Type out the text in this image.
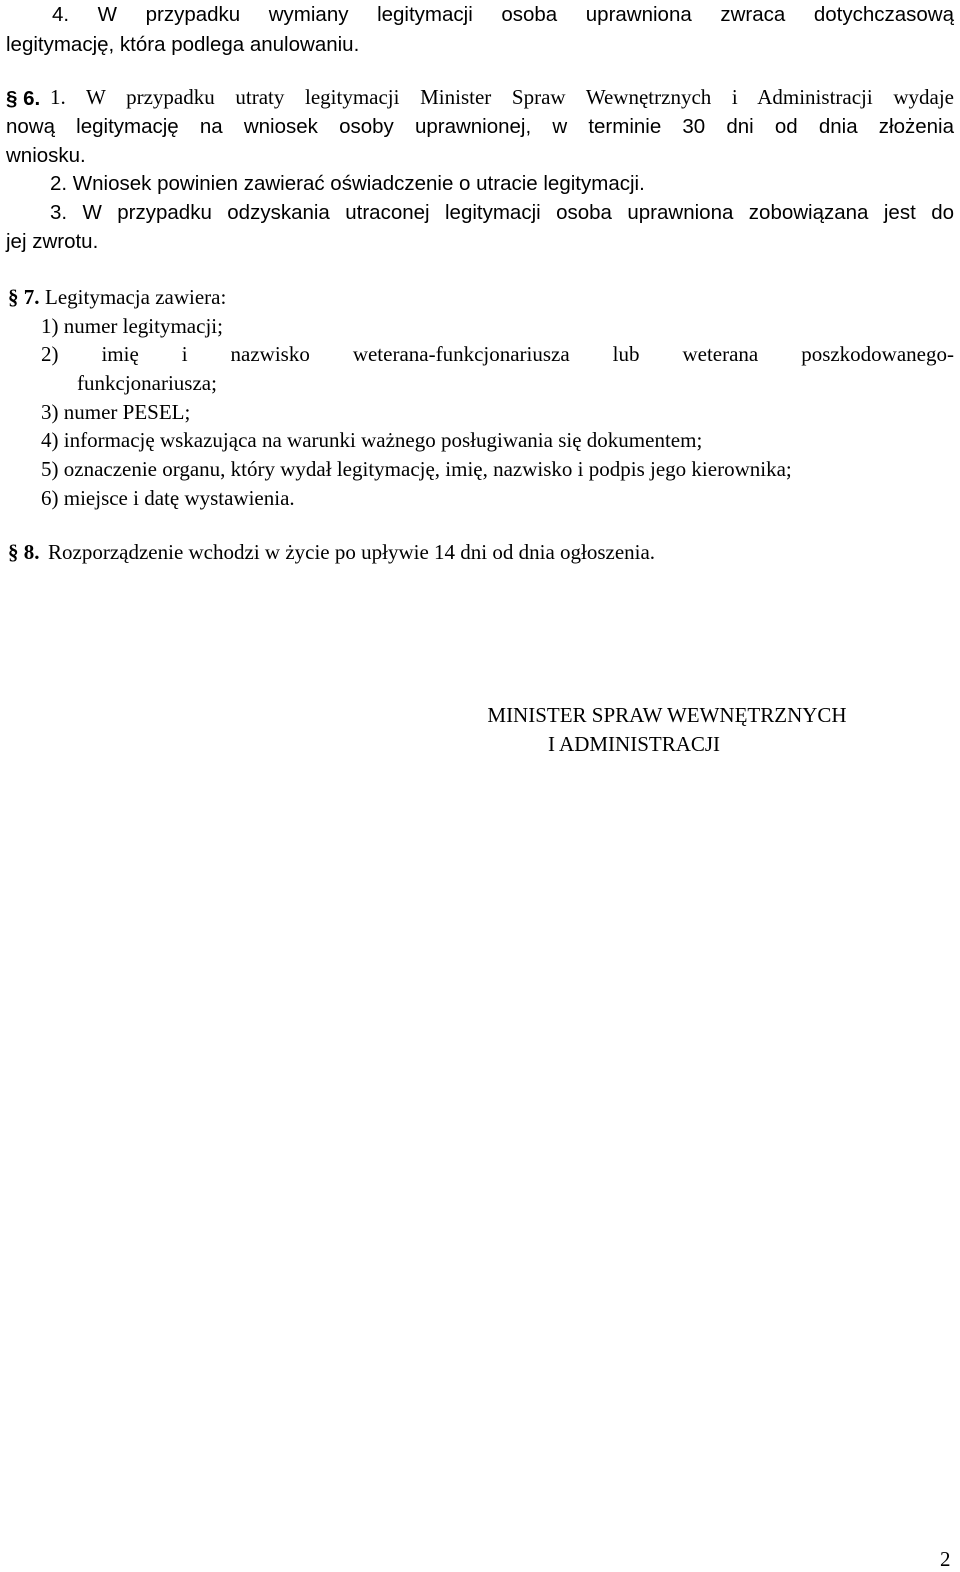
4. W przypadku wymiany legitymacji osoba uprawniona zwraca dotychczasową
legitymację, która podlega anulowaniu.
§ 6. 1. W przypadku utraty legitymacji Minister Spraw Wewnętrznych i Administracji wydaje
nową legitymację na wniosek osoby uprawnionej, w terminie 30 dni od dnia złożenia
wniosku.
2. Wniosek powinien zawierać oświadczenie o utracie legitymacji.
3. W przypadku odzyskania utraconej legitymacji osoba uprawniona zobowiązana jest do
jej zwrotu.
§ 7. Legitymacja zawiera:
1) numer legitymacji;
2) imię i nazwisko weterana-funkcjonariusza lub weterana poszkodowanego-
funkcjonariusza;
3) numer PESEL;
4) informację wskazująca na warunki ważnego posługiwania się dokumentem;
5) oznaczenie organu, który wydał legitymację, imię, nazwisko i podpis jego kierownika;
6) miejsce i datę wystawienia.
§ 8. Rozporządzenie wchodzi w życie po upływie 14 dni od dnia ogłoszenia.
MINISTER SPRAW WEWNĘTRZNYCH
I ADMINISTRACJI
2
